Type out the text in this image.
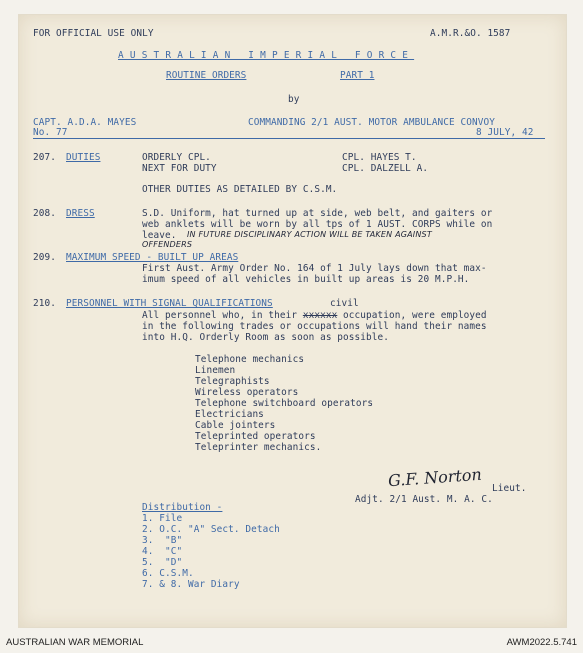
FOR OFFICIAL USE ONLY	A.M.R.&O. 1587
AUSTRALIAN IMPERIAL FORCE
ROUTINE ORDERS	PART 1
by
CAPT. A.D.A. MAYES
No. 77
COMMANDING 2/1 AUST. MOTOR AMBULANCE CONVOY
8 JULY, 42
207. DUTIES	ORDERLY CPL.	CPL. HAYES T.
NEXT FOR DUTY	CPL. DALZELL A.
OTHER DUTIES AS DETAILED BY C.S.M.
208. DRESS	S.D. Uniform, hat turned up at side, web belt, and gaiters or
web anklets will be worn by all tps of 1 AUST. CORPS while on
leave. IN FUTURE DISCIPLINARY ACTION WILL BE TAKEN AGAINST
OFFENDERS
209. MAXIMUM SPEED - BUILT UP AREAS
First Aust. Army Order No. 164 of 1 July lays down that max-
imum speed of all vehicles in built up areas is 20 M.P.H.
210. PERSONNEL WITH SIGNAL QUALIFICATIONS	civil
All personnel who, in their xxxxxx occupation, were employed
in the following trades or occupations will hand their names
into H.Q. Orderly Room as soon as possible.
Telephone mechanics
Linemen
Telegraphists
Wireless operators
Telephone switchboard operators
Electricians
Cable jointers
Teleprinted operators
Teleprinter mechanics.
G.F. Norton Lieut.
Adjt. 2/1 Aust. M. A. C.
Distribution -
1. File
2. O.C. "A" Sect. Detach
3.  "B"
4.  "C"
5.  "D"
6. C.S.M.
7. & 8. War Diary
AUSTRALIAN WAR MEMORIAL	AWM2022.5.741
